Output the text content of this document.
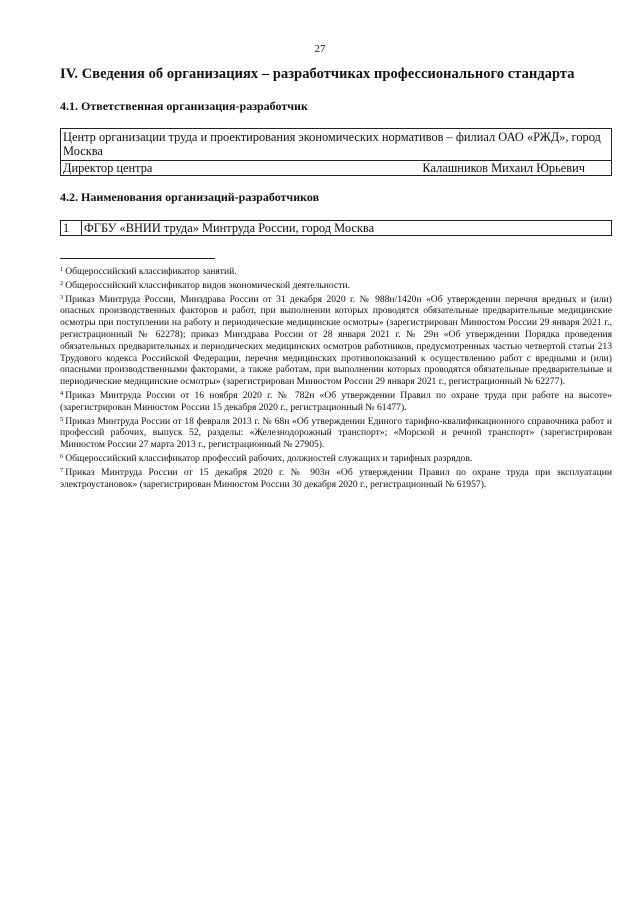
27
IV. Сведения об организациях – разработчиках профессионального стандарта
4.1. Ответственная организация-разработчик
Центр организации труда и проектирования экономических нормативов – филиал ОАО «РЖД», город Москва

Директор центра	Калашников Михаил Юрьевич
4.2. Наименования организаций-разработчиков
1	ФГБУ «ВНИИ труда» Минтруда России, город Москва

$^1$ Общероссийский классификатор занятий.

$^2$ Общероссийский классификатор видов экономической деятельности.

$^3$ Приказ Минтруда России, Минздрава России от 31 декабря 2020 г. № 988н/1420н «Об утверждении перечня вредных и (или) опасных производственных факторов и работ, при выполнении которых проводятся обязательные предварительные медицинские осмотры при поступлении на работу и периодические медицинские осмотры» (зарегистрирован Минюстом России 29 января 2021 г., регистрационный № 62278); приказ Минздрава России от 28 января 2021 г. № 29н «Об утверждении Порядка проведения обязательных предварительных и периодических медицинских осмотров работников, предусмотренных частью четвертой статьи 213 Трудового кодекса Российской Федерации, перечня медицинских противопоказаний к осуществлению работ с вредными и (или) опасными производственными факторами, а также работам, при выполнении которых проводятся обязательные предварительные и периодические медицинские осмотры» (зарегистрирован Минюстом России 29 января 2021 г., регистрационный № 62277).

$^4$ Приказ Минтруда России от 16 ноября 2020 г. № 782н «Об утверждении Правил по охране труда при работе на высоте» (зарегистрирован Минюстом России 15 декабря 2020 г., регистрационный № 61477).

$^5$ Приказ Минтруда России от 18 февраля 2013 г. № 68н «Об утверждении Единого тарифно-квалификационного справочника работ и профессий рабочих, выпуск 52, разделы: «Железнодорожный транспорт»; «Морской и речной транспорт» (зарегистрирован Минюстом России 27 марта 2013 г., регистрационный № 27905).

$^6$ Общероссийский классификатор профессий рабочих, должностей служащих и тарифных разрядов.

$^7$ Приказ Минтруда России от 15 декабря 2020 г. № 903н «Об утверждении Правил по охране труда при эксплуатации электроустановок» (зарегистрирован Минюстом России 30 декабря 2020 г., регистрационный № 61957).
